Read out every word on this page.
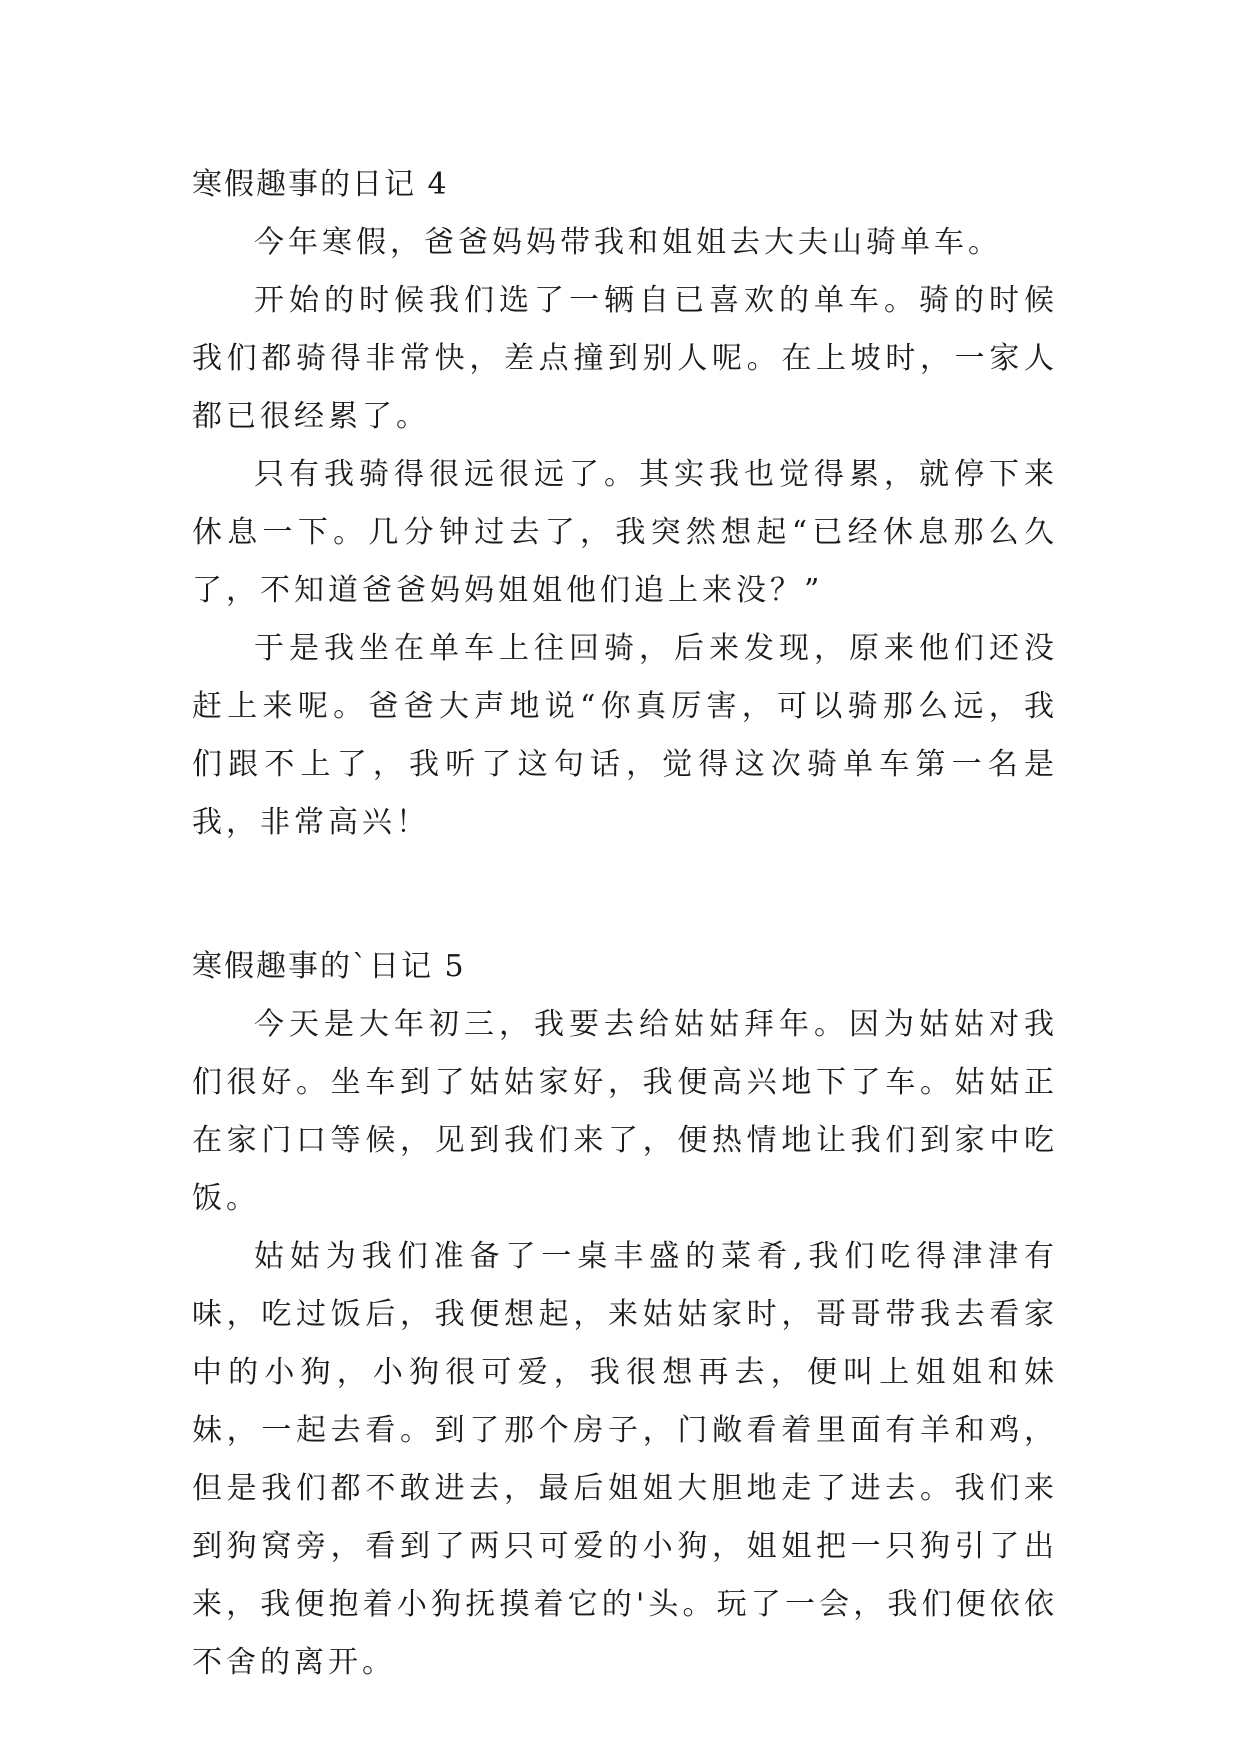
寒假趣事的日记 4

今年寒假，爸爸妈妈带我和姐姐去大夫山骑单车。

开始的时候我们选了一辆自已喜欢的单车。骑的时候我们都骑得非常快，差点撞到别人呢。在上坡时，一家人都已很经累了。

只有我骑得很远很远了。其实我也觉得累，就停下来休息一下。几分钟过去了，我突然想起“已经休息那么久了，不知道爸爸妈妈姐姐他们追上来没？”

于是我坐在单车上往回骑，后来发现，原来他们还没赶上来呢。爸爸大声地说“你真厉害，可以骑那么远，我们跟不上了，我听了这句话，觉得这次骑单车第一名是我，非常高兴！

寒假趣事的`日记 5

今天是大年初三，我要去给姑姑拜年。因为姑姑对我们很好。坐车到了姑姑家好，我便高兴地下了车。姑姑正在家门口等候，见到我们来了，便热情地让我们到家中吃饭。

姑姑为我们准备了一桌丰盛的菜肴,我们吃得津津有味，吃过饭后，我便想起，来姑姑家时，哥哥带我去看家中的小狗，小狗很可爱，我很想再去，便叫上姐姐和妹妹，一起去看。到了那个房子，门敞看着里面有羊和鸡，但是我们都不敢进去，最后姐姐大胆地走了进去。我们来到狗窝旁，看到了两只可爱的小狗，姐姐把一只狗引了出来，我便抱着小狗抚摸着它的'头。玩了一会，我们便依依不舍的离开。
